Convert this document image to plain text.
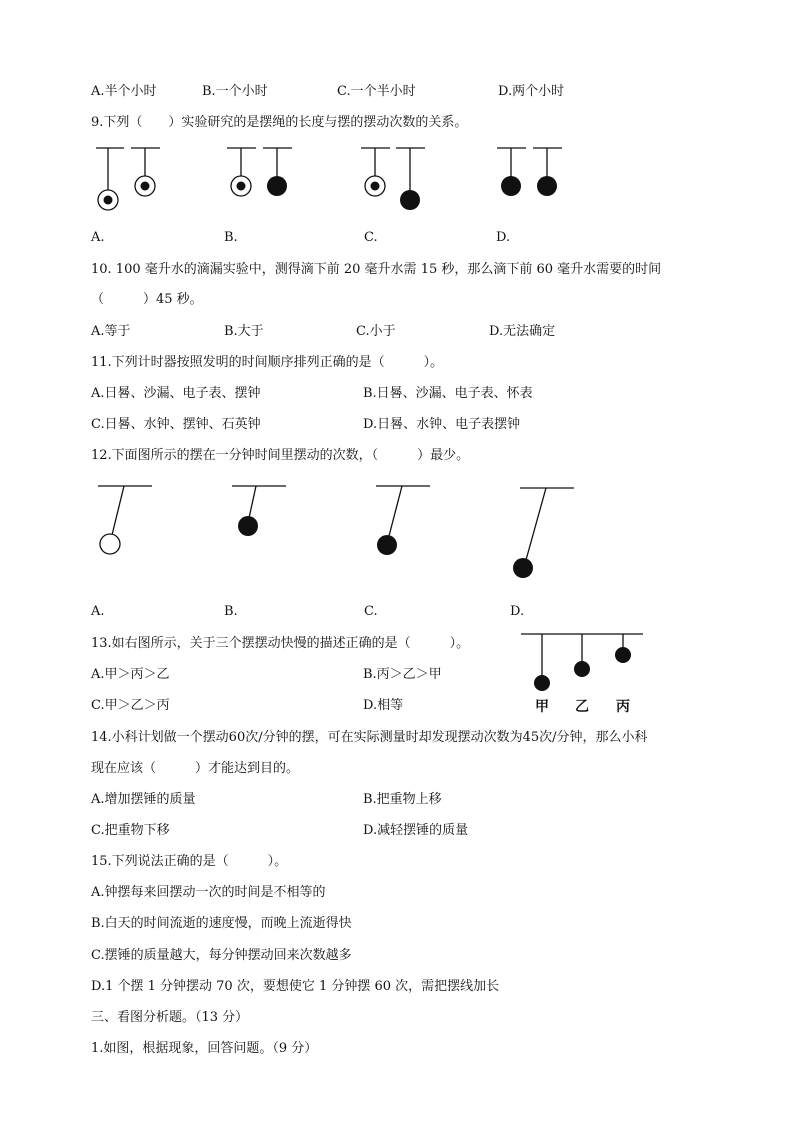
A.半个小时	B.一个小时	C.一个半小时	D.两个小时
9.下列（　　）实验研究的是摆绳的长度与摆的摆动次数的关系。
A.	B.	C.	D.
10. 100 毫升水的滴漏实验中，测得滴下前 20 毫升水需 15 秒，那么滴下前 60 毫升水需要的时间
（　　　）45 秒。
A.等于	B.大于	C.小于	D.无法确定
11.下列计时器按照发明的时间顺序排列正确的是（　　　）。
A.日晷、沙漏、电子表、摆钟	B.日晷、沙漏、电子表、怀表
C.日晷、水钟、摆钟、石英钟	D.日晷、水钟、电子表摆钟
12.下面图所示的摆在一分钟时间里摆动的次数，（　　　）最少。
A.	B.	C.	D.
13.如右图所示，关于三个摆摆动快慢的描述正确的是（　　　）。
A.甲＞丙＞乙	B.丙＞乙＞甲
C.甲＞乙＞丙	D.相等	甲 乙 丙
14.小科计划做一个摆动60次/分钟的摆，可在实际测量时却发现摆动次数为45次/分钟，那么小科
现在应该（　　　）才能达到目的。
A.增加摆锤的质量	B.把重物上移
C.把重物下移	D.减轻摆锤的质量
15.下列说法正确的是（　　　）。
A.钟摆每来回摆动一次的时间是不相等的
B.白天的时间流逝的速度慢，而晚上流逝得快
C.摆锤的质量越大，每分钟摆动回来次数越多
D.1 个摆 1 分钟摆动 70 次，要想使它 1 分钟摆 60 次，需把摆线加长
三、看图分析题。（13 分）
1.如图，根据现象，回答问题。（9 分）
